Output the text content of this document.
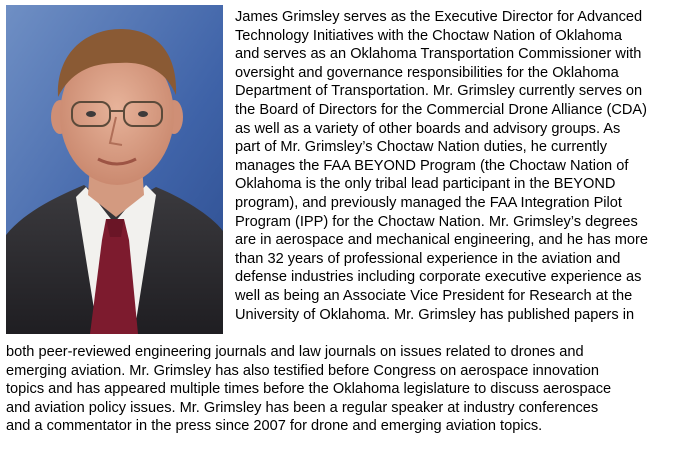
James Grimsley serves as the Executive Director for Advanced
Technology Initiatives with the Choctaw Nation of Oklahoma
and serves as an Oklahoma Transportation Commissioner with
oversight and governance responsibilities for the Oklahoma
Department of Transportation. Mr. Grimsley currently serves on
the Board of Directors for the Commercial Drone Alliance (CDA)
as well as a variety of other boards and advisory groups. As
part of Mr. Grimsley’s Choctaw Nation duties, he currently
manages the FAA BEYOND Program (the Choctaw Nation of
Oklahoma is the only tribal lead participant in the BEYOND
program), and previously managed the FAA Integration Pilot
Program (IPP) for the Choctaw Nation. Mr. Grimsley’s degrees
are in aerospace and mechanical engineering, and he has more
than 32 years of professional experience in the aviation and
defense industries including corporate executive experience as
well as being an Associate Vice President for Research at the
University of Oklahoma. Mr. Grimsley has published papers in

both peer-reviewed engineering journals and law journals on issues related to drones and
emerging aviation. Mr. Grimsley has also testified before Congress on aerospace innovation
topics and has appeared multiple times before the Oklahoma legislature to discuss aerospace
and aviation policy issues. Mr. Grimsley has been a regular speaker at industry conferences
and a commentator in the press since 2007 for drone and emerging aviation topics.
